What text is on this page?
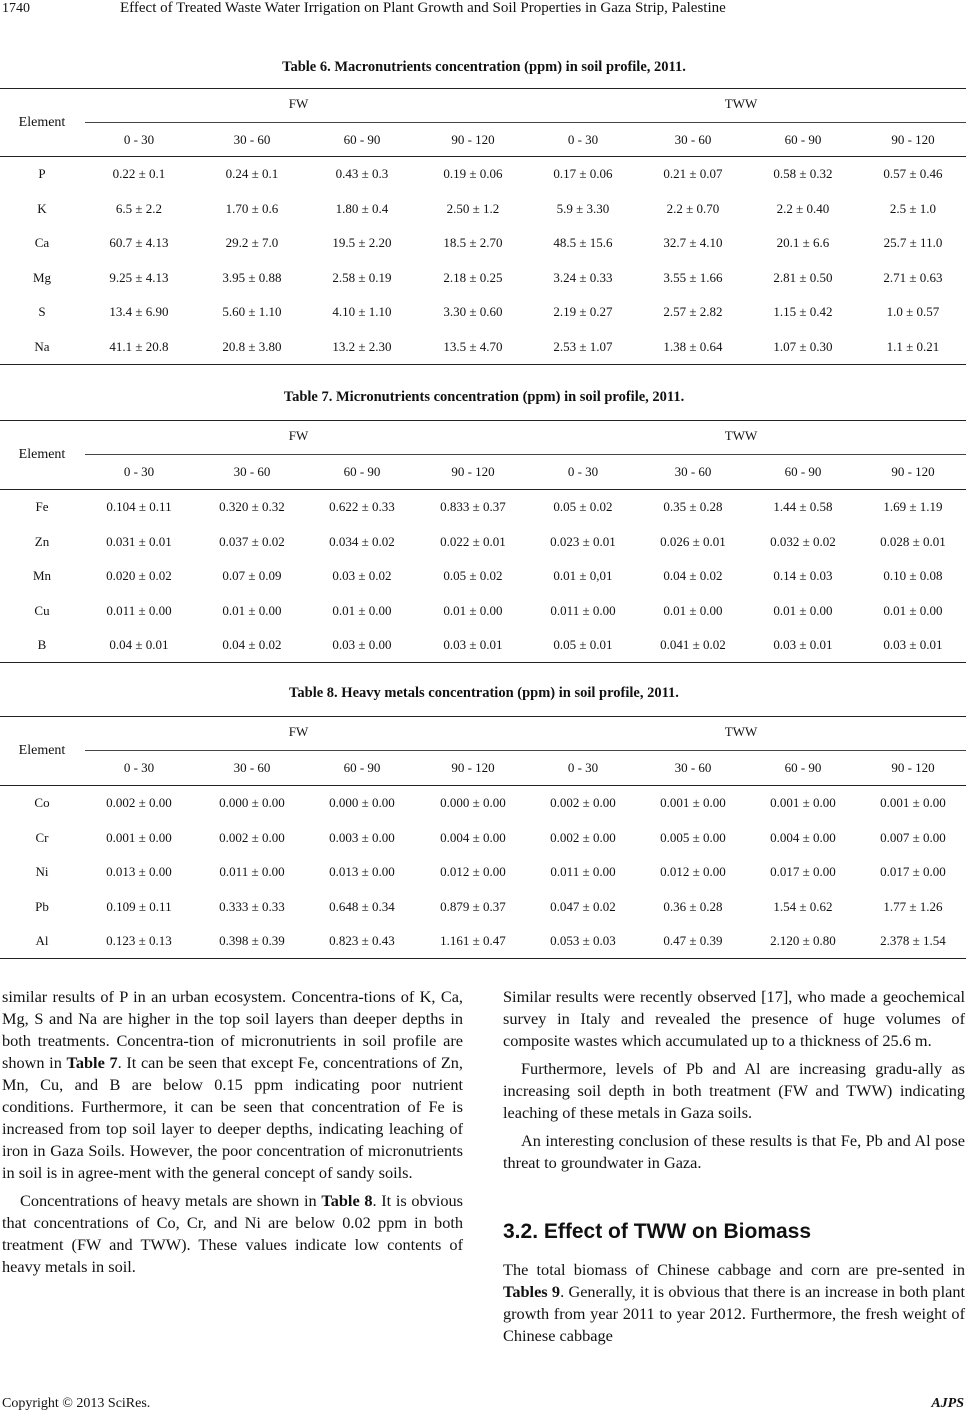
1740	Effect of Treated Waste Water Irrigation on Plant Growth and Soil Properties in Gaza Strip, Palestine
Table 6. Macronutrients concentration (ppm) in soil profile, 2011.
Element
FW	TWW
0 - 30	30 - 60	60 - 90	90 - 120	0 - 30	30 - 60	60 - 90	90 - 120
P	0.22 ± 0.1	0.24 ± 0.1	0.43 ± 0.3	0.19 ± 0.06	0.17 ± 0.06	0.21 ± 0.07	0.58 ± 0.32	0.57 ± 0.46
K	6.5 ± 2.2	1.70 ± 0.6	1.80 ± 0.4	2.50 ± 1.2	5.9 ± 3.30	2.2 ± 0.70	2.2 ± 0.40	2.5 ± 1.0
Ca	60.7 ± 4.13	29.2 ± 7.0	19.5 ± 2.20	18.5 ± 2.70	48.5 ± 15.6	32.7 ± 4.10	20.1 ± 6.6	25.7 ± 11.0
Mg	9.25 ± 4.13	3.95 ± 0.88	2.58 ± 0.19	2.18 ± 0.25	3.24 ± 0.33	3.55 ± 1.66	2.81 ± 0.50	2.71 ± 0.63
S	13.4 ± 6.90	5.60 ± 1.10	4.10 ± 1.10	3.30 ± 0.60	2.19 ± 0.27	2.57 ± 2.82	1.15 ± 0.42	1.0 ± 0.57
Na	41.1 ± 20.8	20.8 ± 3.80	13.2 ± 2.30	13.5 ± 4.70	2.53 ± 1.07	1.38 ± 0.64	1.07 ± 0.30	1.1 ± 0.21
Table 7. Micronutrients concentration (ppm) in soil profile, 2011.
Element
FW	TWW
0 - 30	30 - 60	60 - 90	90 - 120	0 - 30	30 - 60	60 - 90	90 - 120
Fe	0.104 ± 0.11	0.320 ± 0.32	0.622 ± 0.33	0.833 ± 0.37	0.05 ± 0.02	0.35 ± 0.28	1.44 ± 0.58	1.69 ± 1.19
Zn	0.031 ± 0.01	0.037 ± 0.02	0.034 ± 0.02	0.022 ± 0.01	0.023 ± 0.01	0.026 ± 0.01	0.032 ± 0.02	0.028 ± 0.01
Mn	0.020 ± 0.02	0.07 ± 0.09	0.03 ± 0.02	0.05 ± 0.02	0.01 ± 0,01	0.04 ± 0.02	0.14 ± 0.03	0.10 ± 0.08
Cu	0.011 ± 0.00	0.01 ± 0.00	0.01 ± 0.00	0.01 ± 0.00	0.011 ± 0.00	0.01 ± 0.00	0.01 ± 0.00	0.01 ± 0.00
B	0.04 ± 0.01	0.04 ± 0.02	0.03 ± 0.00	0.03 ± 0.01	0.05 ± 0.01	0.041 ± 0.02	0.03 ± 0.01	0.03 ± 0.01
Table 8. Heavy metals concentration (ppm) in soil profile, 2011.
Element
FW	TWW
0 - 30	30 - 60	60 - 90	90 - 120	0 - 30	30 - 60	60 - 90	90 - 120
Co	0.002 ± 0.00	0.000 ± 0.00	0.000 ± 0.00	0.000 ± 0.00	0.002 ± 0.00	0.001 ± 0.00	0.001 ± 0.00	0.001 ± 0.00
Cr	0.001 ± 0.00	0.002 ± 0.00	0.003 ± 0.00	0.004 ± 0.00	0.002 ± 0.00	0.005 ± 0.00	0.004 ± 0.00	0.007 ± 0.00
Ni	0.013 ± 0.00	0.011 ± 0.00	0.013 ± 0.00	0.012 ± 0.00	0.011 ± 0.00	0.012 ± 0.00	0.017 ± 0.00	0.017 ± 0.00
Pb	0.109 ± 0.11	0.333 ± 0.33	0.648 ± 0.34	0.879 ± 0.37	0.047 ± 0.02	0.36 ± 0.28	1.54 ± 0.62	1.77 ± 1.26
Al	0.123 ± 0.13	0.398 ± 0.39	0.823 ± 0.43	1.161 ± 0.47	0.053 ± 0.03	0.47 ± 0.39	2.120 ± 0.80	2.378 ± 1.54

similar results of P in an urban ecosystem. Concentra-tions of K, Ca, Mg, S and Na are higher in the top soil layers than deeper depths in both treatments. Concentra-tion of micronutrients in soil profile are shown in Table 7. It can be seen that except Fe, concentrations of Zn, Mn, Cu, and B are below 0.15 ppm indicating poor nutrient conditions. Furthermore, it can be seen that concentration of Fe is increased from top soil layer to deeper depths, indicating leaching of iron in Gaza Soils. However, the poor concentration of micronutrients in soil is in agree-ment with the general concept of sandy soils.

Concentrations of heavy metals are shown in Table 8. It is obvious that concentrations of Co, Cr, and Ni are below 0.02 ppm in both treatment (FW and TWW). These values indicate low contents of heavy metals in soil.

Similar results were recently observed [17], who made a geochemical survey in Italy and revealed the presence of huge volumes of composite wastes which accumulated up to a thickness of 25.6 m.

Furthermore, levels of Pb and Al are increasing gradu-ally as increasing soil depth in both treatment (FW and TWW) indicating leaching of these metals in Gaza soils.

An interesting conclusion of these results is that Fe, Pb and Al pose threat to groundwater in Gaza.

3.2. Effect of TWW on Biomass

The total biomass of Chinese cabbage and corn are pre-sented in Tables 9. Generally, it is obvious that there is an increase in both plant growth from year 2011 to year 2012. Furthermore, the fresh weight of Chinese cabbage

Copyright © 2013 SciRes.	AJPS
